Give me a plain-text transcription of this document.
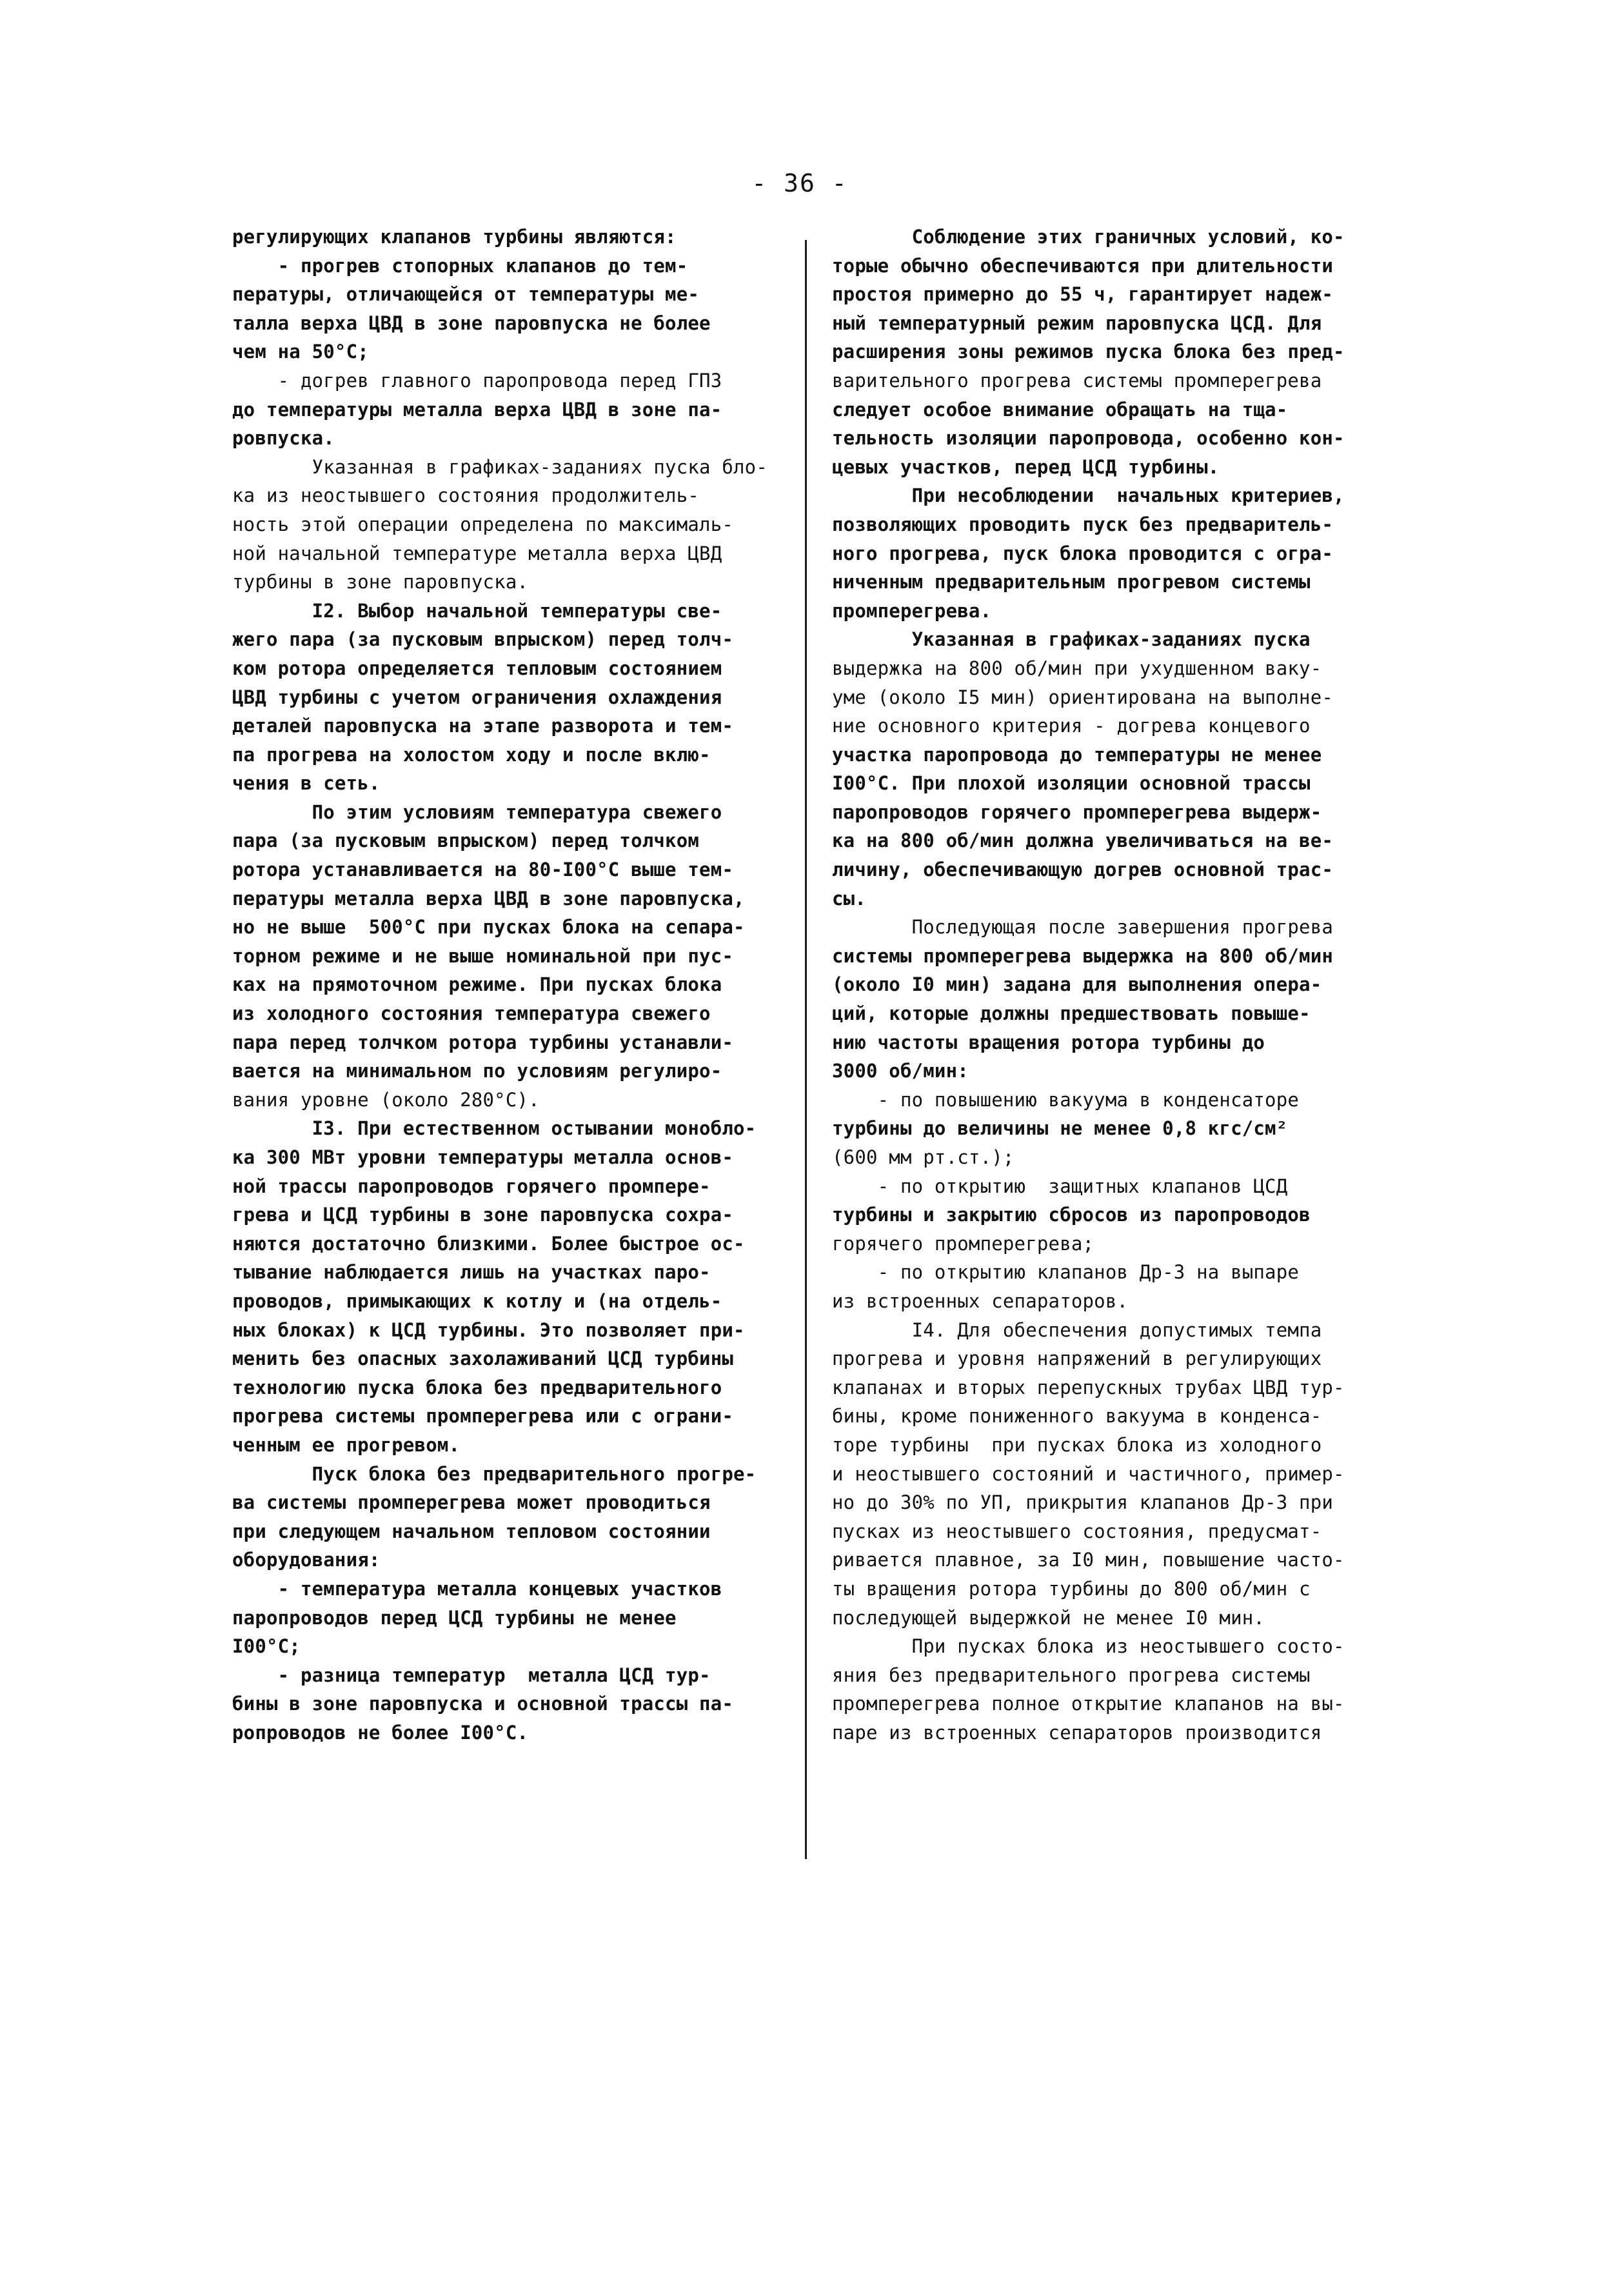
- 36 -
регулирующих клапанов турбины являются:
- прогрев стопорных клапанов до тем-
пературы, отличающейся от температуры ме-
талла верха ЦВД в зоне паровпуска не более
чем на 50°С;
- догрев главного паропровода перед ГПЗ
до температуры металла верха ЦВД в зоне па-
ровпуска.
Указанная в графиках-заданиях пуска бло-
ка из неостывшего состояния продолжитель-
ность этой операции определена по максималь-
ной начальной температуре металла верха ЦВД
турбины в зоне паровпуска.
I2. Выбор начальной температуры све-
жего пара (за пусковым впрыском) перед толч-
ком ротора определяется тепловым состоянием
ЦВД турбины с учетом ограничения охлаждения
деталей паровпуска на этапе разворота и тем-
па прогрева на холостом ходу и после вклю-
чения в сеть.
По этим условиям температура свежего
пара (за пусковым впрыском) перед толчком
ротора устанавливается на 80-I00°С выше тем-
пературы металла верха ЦВД в зоне паровпуска,
но не выше  500°С при пусках блока на сепара-
торном режиме и не выше номинальной при пус-
ках на прямоточном режиме. При пусках блока
из холодного состояния температура свежего
пара перед толчком ротора турбины устанавли-
вается на минимальном по условиям регулиро-
вания уровне (около 280°С).
I3. При естественном остывании моноблo-
ка 300 МВт уровни температуры металла основ-
ной трассы паропроводов горячего промпере-
грева и ЦСД турбины в зоне паровпуска сохра-
няются достаточно близкими. Более быстрое ос-
тывание наблюдается лишь на участках паро-
проводов, примыкающих к котлу и (на отдель-
ных блоках) к ЦСД турбины. Это позволяет при-
менить без опасных захолаживаний ЦСД турбины
технологию пуска блока без предварительного
прогрева системы промперегрева или с ограни-
ченным ее прогревом.
Пуск блока без предварительного прогре-
ва системы промперегрева может проводиться
при следующем начальном тепловом состоянии
оборудования:
- температура металла концевых участков
паропроводов перед ЦСД турбины не менее
I00°С;
- разница температур  металла ЦСД тур-
бины в зоне паровпуска и основной трассы па-
ропроводов не более I00°С.
Соблюдение этих граничных условий, ко-
торые обычно обеспечиваются при длительности
простоя примерно до 55 ч, гарантирует надеж-
ный температурный режим паровпуска ЦСД. Для
расширения зоны режимов пуска блока без пред-
варительного прогрева системы промперегрева
следует особое внимание обращать на тща-
тельность изоляции паропровода, особенно кон-
цевых участков, перед ЦСД турбины.
При несоблюдении  начальных критериев,
позволяющих проводить пуск без предваритель-
ного прогрева, пуск блока проводится с огра-
ниченным предварительным прогревом системы
промперегрева.
Указанная в графиках-заданиях пуска
выдержка на 800 об/мин при ухудшенном ваку-
уме (около I5 мин) ориентирована на выполне-
ние основного критерия - догрева концевого
участка паропровода до температуры не менее
I00°С. При плохой изоляции основной трассы
паропроводов горячего промперегрева выдерж-
ка на 800 об/мин должна увеличиваться на ве-
личину, обеспечивающую догрев основной трас-
сы.
Последующая после завершения прогрева
системы промперегрева выдержка на 800 об/мин
(около I0 мин) задана для выполнения опера-
ций, которые должны предшествовать повыше-
нию частоты вращения ротора турбины до
3000 об/мин:
- по повышению вакуума в конденсаторе
турбины до величины не менее 0,8 кгс/см²
(600 мм рт.ст.);
- по открытию  защитных клапанов ЦСД
турбины и закрытию сбросов из паропроводов
горячего промперегрева;
- по открытию клапанов Др-3 на выпаре
из встроенных сепараторов.
I4. Для обеспечения допустимых темпа
прогрева и уровня напряжений в регулирующих
клапанах и вторых перепускных трубах ЦВД тур-
бины, кроме пониженного вакуума в конденса-
торе турбины  при пусках блока из холодного
и неостывшего состояний и частичного, пример-
но до 30% по УП, прикрытия клапанов Др-3 при
пусках из неостывшего состояния, предусмат-
ривается плавное, за I0 мин, повышение часто-
ты вращения ротора турбины до 800 об/мин с
последующей выдержкой не менее I0 мин.
При пусках блока из неостывшего состо-
яния без предварительного прогрева системы
промперегрева полное открытие клапанов на вы-
паре из встроенных сепараторов производится
